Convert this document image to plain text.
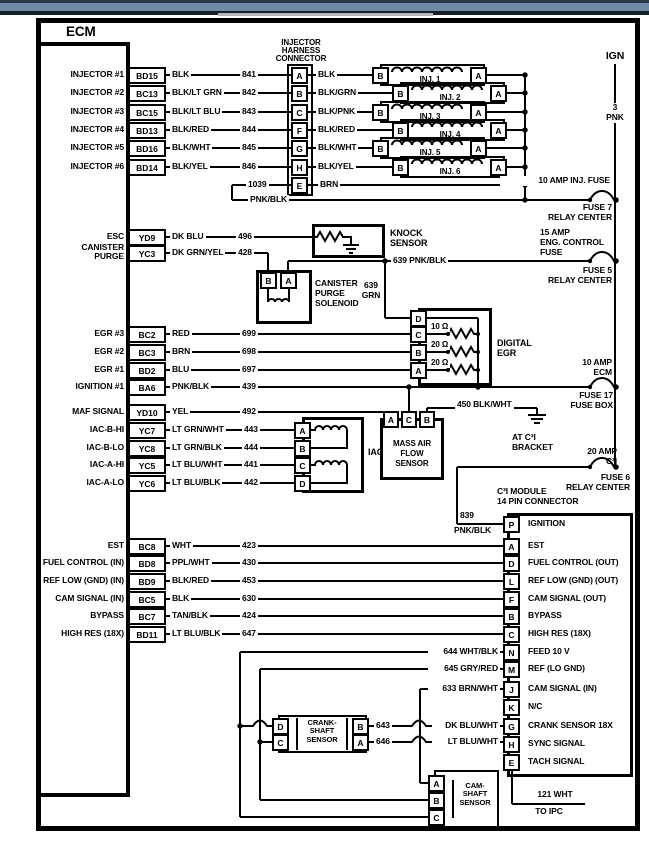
ECM
INJECTOR
HARNESS
CONNECTOR
INJECTOR #1	BD15	BLK	841	A	BLK
INJECTOR #2	BC13	BLK/LT GRN 842	B	BLK/GRN
INJECTOR #3	BC15	BLK/LT BLU	843	C	BLK/PNK
INJECTOR #4	BD13	BLK/RED	844	F	BLK/RED
INJECTOR #5	BD16	BLK/WHT	845	G	BLK/WHT
INJECTOR #6	BD14	BLK/YEL	846	H	BLK/YEL
1039	E	BRN
PNK/BLK
B	A
B	A
B	A
B	A
B	A
B	A
INJ. 1
INJ. 2
INJ. 3
INJ. 4
INJ. 5
INJ. 6
IGN
3
PNK
10 AMP INJ. FUSE
FUSE 7
RELAY CENTER
15 AMP
ENG. CONTROL
FUSE
FUSE 5
RELAY CENTER
10 AMP
ECM
FUSE 17
FUSE BOX
20 AMP
C³I
FUSE 6
RELAY CENTER
ESC	YD9	DK BLU	496
CANISTER
PURGE	YC3	DK GRN/YEL 428
KNOCK
SENSOR
639 PNK/BLK
B	A	CANISTER
PURGE
SOLENOID
639
GRN
EGR #3	BC2	RED	699
EGR #2	BC3	BRN	698
EGR #1	BD2	BLU	697
IGNITION #1	BA6	PNK/BLK	439
MAF SIGNAL	YD10	YEL	492
IAC-B-HI	YC7	LT GRN/WHT 443
IAC-B-LO	YC8	LT GRN/BLK	444
IAC-A-HI	YC5	LT BLU/WHT	441
IAC-A-LO	YC6	LT BLU/BLK	442
D
C
B
A
10 Ω
20 Ω
20 Ω
DIGITAL
EGR
A	C	B
MASS AIR
FLOW
SENSOR
450 BLK/WHT
AT C³I
BRACKET
A
B
C
D
IAC
EST	BC8	WHT	423
FUEL CONTROL (IN)	BD8	PPL/WHT	430
REF LOW (GND) (IN)	BD9	BLK/RED	453
CAM SIGNAL (IN)	BC5	BLK	630
BYPASS	BC7	TAN/BLK	424
HIGH RES (18X)	BD11	LT BLU/BLK	647
C³I MODULE
14 PIN CONNECTOR
839
PNK/BLK	P	IGNITION
A	EST
D	FUEL CONTROL (OUT)
L	REF LOW (GND) (OUT)
F	CAM SIGNAL (OUT)
B	BYPASS
C	HIGH RES (18X)
N	FEED 10 V
M	REF (LO GND)
J	CAM SIGNAL (IN)
K	N/C
G	CRANK SENSOR 18X
H	SYNC SIGNAL
E	TACH SIGNAL
644 WHT/BLK
645 GRY/RED
633 BRN/WHT
DK BLU/WHT
LT BLU/WHT
121 WHT
TO IPC
CRANK-
SHAFT
SENSOR
D
C
B
A
643
646
CAM-
SHAFT
SENSOR
A
B
C
